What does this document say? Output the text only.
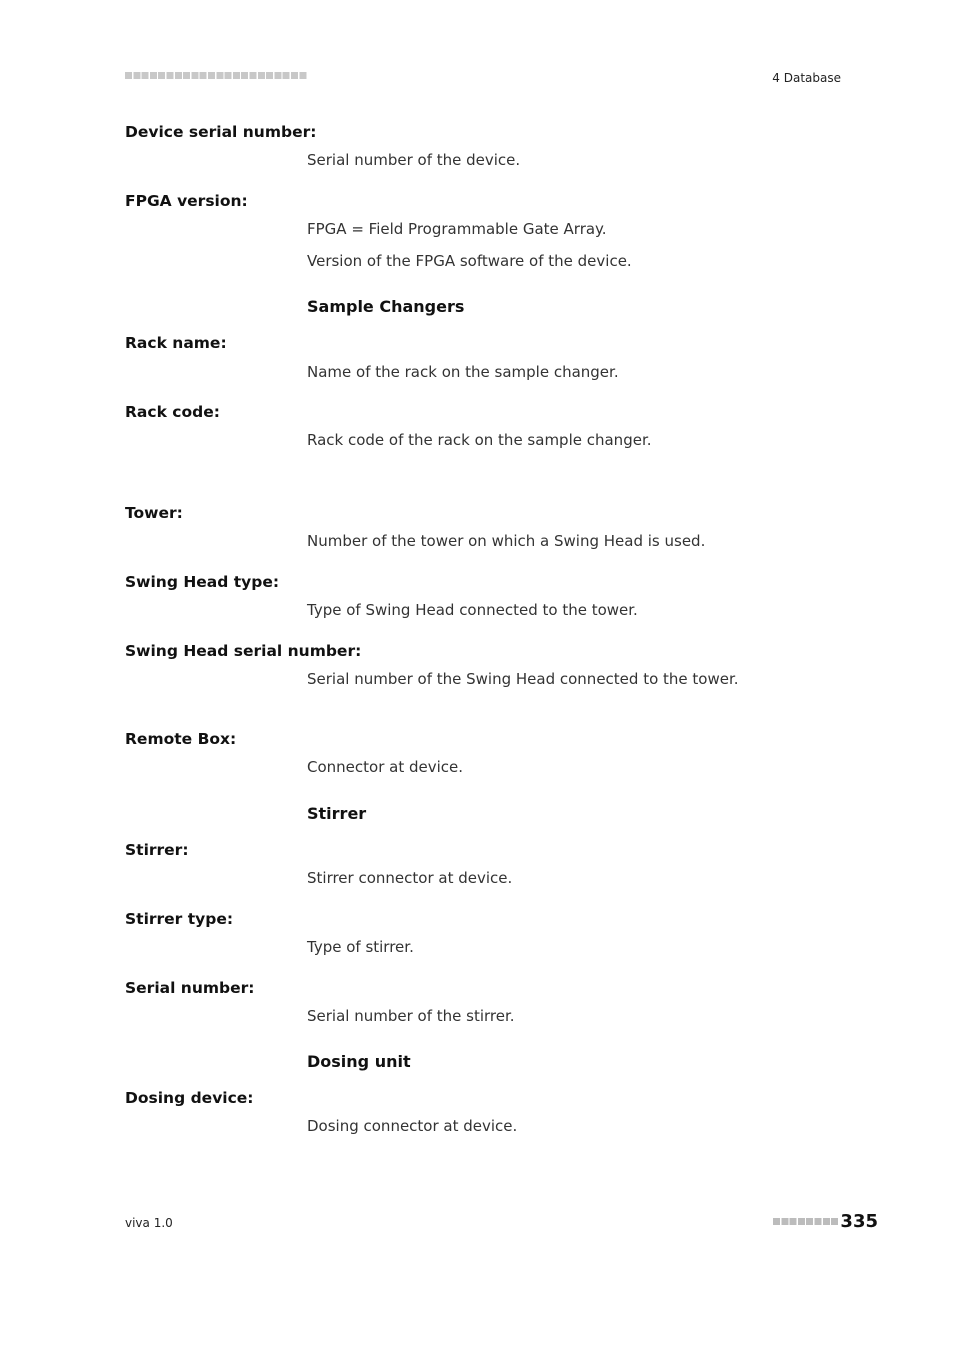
4 Database
Device serial number:
Serial number of the device.
FPGA version:
FPGA = Field Programmable Gate Array.
Version of the FPGA software of the device.
Sample Changers
Rack name:
Name of the rack on the sample changer.
Rack code:
Rack code of the rack on the sample changer.
Tower:
Number of the tower on which a Swing Head is used.
Swing Head type:
Type of Swing Head connected to the tower.
Swing Head serial number:
Serial number of the Swing Head connected to the tower.
Remote Box:
Connector at device.
Stirrer
Stirrer:
Stirrer connector at device.
Stirrer type:
Type of stirrer.
Serial number:
Serial number of the stirrer.
Dosing unit
Dosing device:
Dosing connector at device.
viva 1.0	335
